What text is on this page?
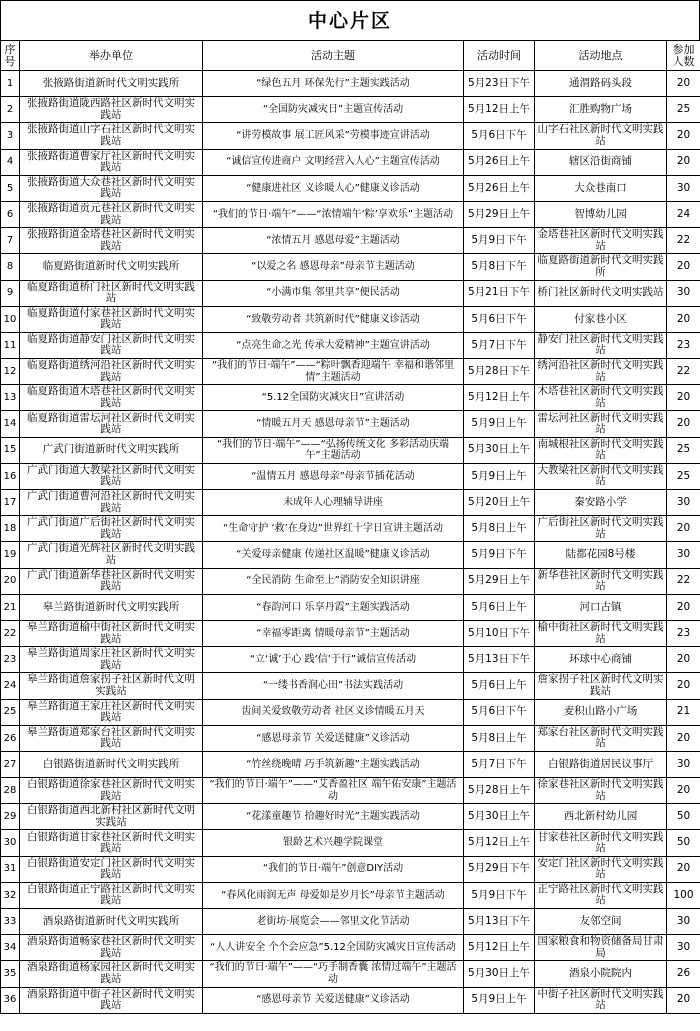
中心片区
序号	举办单位	活动主题	活动时间	活动地点	参加人数
1	张掖路街道新时代文明实践所	“绿色五月 环保先行”主题实践活动	5月23日下午	通渭路码头段	20
2	张掖路街道陇西路社区新时代文明实践站	“全国防灾减灾日”主题宣传活动	5月12日上午	汇胜购物广场	25
3	张掖路街道山字石社区新时代文明实践站	“讲劳模故事 展工匠风采”劳模事迹宣讲活动	5月6日下午	山字石社区新时代文明实践站	20
4	张掖路街道曹家厅社区新时代文明实践站	“诚信宣传进商户 文明经营入人心”主题宣传活动	5月26日上午	辖区沿街商铺	20
5	张掖路街道大众巷社区新时代文明实践站	“健康进社区 义诊暖人心”健康义诊活动	5月26日上午	大众巷南口	30
6	张掖路街道贡元巷社区新时代文明实践站	“我们的节日·端午”——“浓情端午‘粽’享欢乐”主题活动	5月29日上午	智博幼儿园	24
7	张掖路街道金塔巷社区新时代文明实践站	“浓情五月 感恩母爱”主题活动	5月9日下午	金塔巷社区新时代文明实践站	22
8	临夏路街道新时代文明实践所	“以爱之名 感恩母亲”母亲节主题活动	5月8日下午	临夏路街道新时代文明实践所	20
9	临夏路街道桥门社区新时代文明实践站	“小满市集 邻里共享”便民活动	5月21日下午	桥门社区新时代文明实践站	30
10	临夏路街道付家巷社区新时代文明实践站	“致敬劳动者 共筑新时代”健康义诊活动	5月6日下午	付家巷小区	20
11	临夏路街道静安门社区新时代文明实践站	“点亮生命之光 传承大爱精神”主题宣讲活动	5月7日下午	静安门社区新时代文明实践站	23
12	临夏路街道绣河沿社区新时代文明实践站	“我们的节日·端午”——“粽叶飘香迎端午 幸福和谐邻里情”主题活动	5月28日下午	绣河沿社区新时代文明实践站	22
13	临夏路街道木塔巷社区新时代文明实践站	“5.12全国防灾减灾日”宣讲活动	5月12日上午	木塔巷社区新时代文明实践站	20
14	临夏路街道雷坛河社区新时代文明实践站	“情暖五月天 感恩母亲节”主题活动	5月9日上午	雷坛河社区新时代文明实践站	20
15	广武门街道新时代文明实践所	“我们的节日·端午”——“弘扬传统文化 多彩活动庆端午”主题活动	5月30日上午	南城根社区新时代文明实践站	25
16	广武门街道大教梁社区新时代文明实践站	“温情五月 感恩母亲”母亲节插花活动	5月9日上午	大教梁社区新时代文明实践站	25
17	广武门街道曹河沿社区新时代文明实践站	未成年人心理辅导讲座	5月20日上午	秦安路小学	30
18	广武门街道广后街社区新时代文明实践站	“生命守护 ‘救’在身边”世界红十字日宣讲主题活动	5月8日上午	广后街社区新时代文明实践站	20
19	广武门街道光辉社区新时代文明实践站	“关爱母亲健康 传递社区温暖”健康义诊活动	5月9日下午	陆都花园8号楼	30
20	广武门街道新华巷社区新时代文明实践站	“全民消防 生命至上”消防安全知识讲座	5月29日上午	新华巷社区新时代文明实践站	22
21	皋兰路街道新时代文明实践所	“春韵河口 乐享丹霞”主题实践活动	5月6日上午	河口古镇	20
22	皋兰路街道榆中街社区新时代文明实践站	“幸福零距离 情暖母亲节”主题活动	5月10日下午	榆中街社区新时代文明实践站	23
23	皋兰路街道周家庄社区新时代文明实践站	“立‘诚’于心 践‘信’于行”诚信宣传活动	5月13日下午	环球中心商铺	20
24	皋兰路街道詹家拐子社区新时代文明实践站	“一缕书香润心田”书法实践活动	5月6日上午	詹家拐子社区新时代文明实践站	20
25	皋兰路街道王家庄社区新时代文明实践站	齿间关爱致敬劳动者 社区义诊情暖五月天	5月6日下午	麦积山路小广场	21
26	皋兰路街道郑家台社区新时代文明实践站	“感恩母亲节 关爱送健康”义诊活动	5月8日上午	郑家台社区新时代文明实践站	20
27	白银路街道新时代文明实践所	“竹丝绕晚晴 巧手筑新趣”主题实践活动	5月7日下午	白银路街道居民议事厅	30
28	白银路街道徐家巷社区新时代文明实践站	“我们的节日·端午”——“艾香盈社区 端午佑安康”主题活动	5月28日上午	徐家巷社区新时代文明实践站	20
29	白银路街道西北新村社区新时代文明实践站	“花漾童趣节 拾趣好时光”主题实践活动	5月30日上午	西北新村幼儿园	50
30	白银路街道甘家巷社区新时代文明实践站	银龄艺术兴趣学院课堂	5月12日上午	甘家巷社区新时代文明实践站	50
31	白银路街道安定门社区新时代文明实践站	“我们的节日·端午”创意DIY活动	5月29日下午	安定门社区新时代文明实践站	20
32	白银路街道正宁路社区新时代文明实践站	“春风化雨润无声 母爱如是岁月长”母亲节主题活动	5月9日下午	正宁路社区新时代文明实践站	100
33	酒泉路街道新时代文明实践所	老街坊·展览会——邻里文化节活动	5月13日下午	友邻空间	30
34	酒泉路街道畅家巷社区新时代文明实践站	“人人讲安全 个个会应急”5.12全国防灾减灾日宣传活动	5月12日上午	国家粮食和物资储备局甘肃局	30
35	酒泉路街道杨家园社区新时代文明实践站	“我们的节日·端午”——“巧手制香囊 浓情过端午”主题活动	5月30日上午	酒泉小院院内	26
36	酒泉路街道中街子社区新时代文明实践站	“感恩母亲节 关爱送健康”义诊活动	5月9日上午	中街子社区新时代文明实践站	20
